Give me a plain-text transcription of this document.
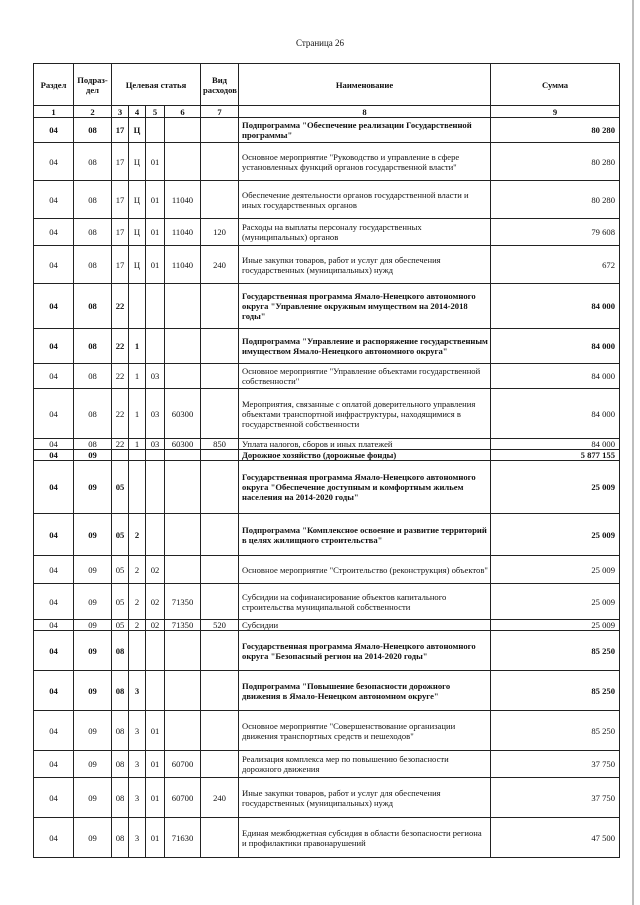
Страница 26
Раздел	Подраз-дел	Целевая статья				Вид расходов	Наименование	Сумма
1	2	3	4	5	6	7	8	9
04	08	17	Ц				Подпрограмма "Обеспечение реализации Государственной программы"	80 280
04	08	17	Ц	01			Основное мероприятие "Руководство и управление в сфере установленных функций органов государственной власти"	80 280
04	08	17	Ц	01	11040		Обеспечение деятельности органов государственной власти и иных государственных органов	80 280
04	08	17	Ц	01	11040	120	Расходы на выплаты персоналу государственных (муниципальных) органов	79 608
04	08	17	Ц	01	11040	240	Иные закупки товаров, работ и услуг для обеспечения государственных (муниципальных) нужд	672
04	08	22					Государственная программа Ямало-Ненецкого автономного округа "Управление окружным имуществом на 2014-2018 годы"	84 000
04	08	22	1				Подпрограмма "Управление и распоряжение государственным имуществом Ямало-Ненецкого автономного округа"	84 000
04	08	22	1	03			Основное мероприятие "Управление объектами государственной собственности"	84 000
04	08	22	1	03	60300		Мероприятия, связанные с оплатой доверительного управления объектами транспортной инфраструктуры, находящимися в государственной собственности	84 000
04	08	22	1	03	60300	850	Уплата налогов, сборов и иных платежей	84 000
04	09						Дорожное хозяйство (дорожные фонды)	5 877 155
04	09	05					Государственная программа Ямало-Ненецкого автономного округа "Обеспечение доступным и комфортным жильем населения на 2014-2020 годы"	25 009
04	09	05	2				Подпрограмма "Комплексное освоение и развитие территорий в целях жилищного строительства"	25 009
04	09	05	2	02			Основное мероприятие "Строительство (реконструкция) объектов"	25 009
04	09	05	2	02	71350		Субсидии на софинансирование объектов капитального строительства муниципальной собственности	25 009
04	09	05	2	02	71350	520	Субсидии	25 009
04	09	08					Государственная программа Ямало-Ненецкого автономного округа "Безопасный регион на 2014-2020 годы"	85 250
04	09	08	3				Подпрограмма "Повышение безопасности дорожного движения в Ямало-Ненецком автономном округе"	85 250
04	09	08	3	01			Основное мероприятие "Совершенствование организации движения транспортных средств и пешеходов"	85 250
04	09	08	3	01	60700		Реализация комплекса мер по повышению безопасности дорожного движения	37 750
04	09	08	3	01	60700	240	Иные закупки товаров, работ и услуг для обеспечения государственных (муниципальных) нужд	37 750
04	09	08	3	01	71630		Единая межбюджетная субсидия в области безопасности региона и профилактики правонарушений	47 500
